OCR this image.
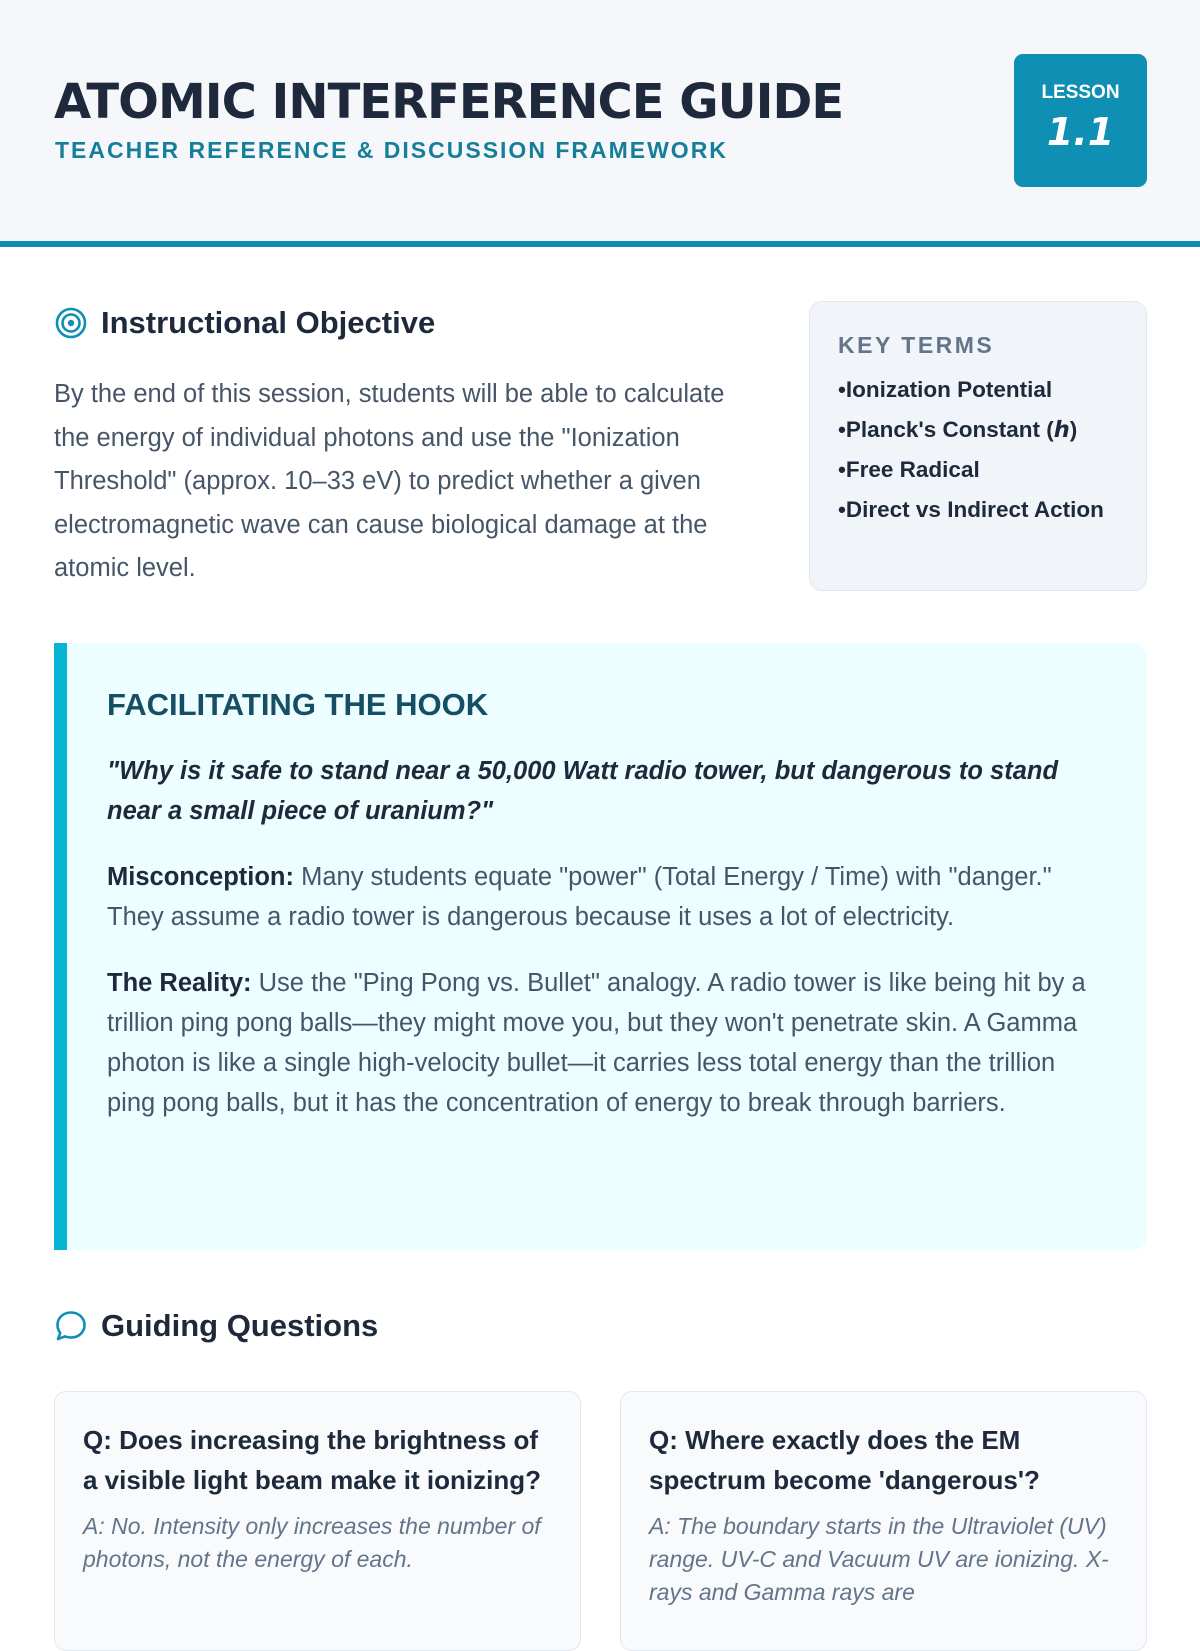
ATOMIC INTERFERENCE GUIDE
TEACHER REFERENCE & DISCUSSION FRAMEWORK
LESSON
1.1
Instructional Objective

By the end of this session, students will be able to calculate the energy of individual photons and use the "Ionization Threshold" (approx. 10–33 eV) to predict whether a given electromagnetic wave can cause biological damage at the atomic level.

KEY TERMS
• Ionization Potential
• Planck's Constant (ℎ)
• Free Radical
• Direct vs Indirect Action
FACILITATING THE HOOK

"Why is it safe to stand near a 50,000 Watt radio tower, but dangerous to stand near a small piece of uranium?"

Misconception: Many students equate "power" (Total Energy / Time) with "danger." They assume a radio tower is dangerous because it uses a lot of electricity.

The Reality: Use the "Ping Pong vs. Bullet" analogy. A radio tower is like being hit by a trillion ping pong balls—they might move you, but they won't penetrate skin. A Gamma photon is like a single high-velocity bullet—it carries less total energy than the trillion ping pong balls, but it has the concentration of energy to break through barriers.

Guiding Questions

Q: Does increasing the brightness of a visible light beam make it ionizing?

A: No. Intensity only increases the number of photons, not the energy of each.

Q: Where exactly does the EM spectrum become 'dangerous'?

A: The boundary starts in the Ultraviolet (UV) range. UV-C and Vacuum UV are ionizing. X-rays and Gamma rays are
